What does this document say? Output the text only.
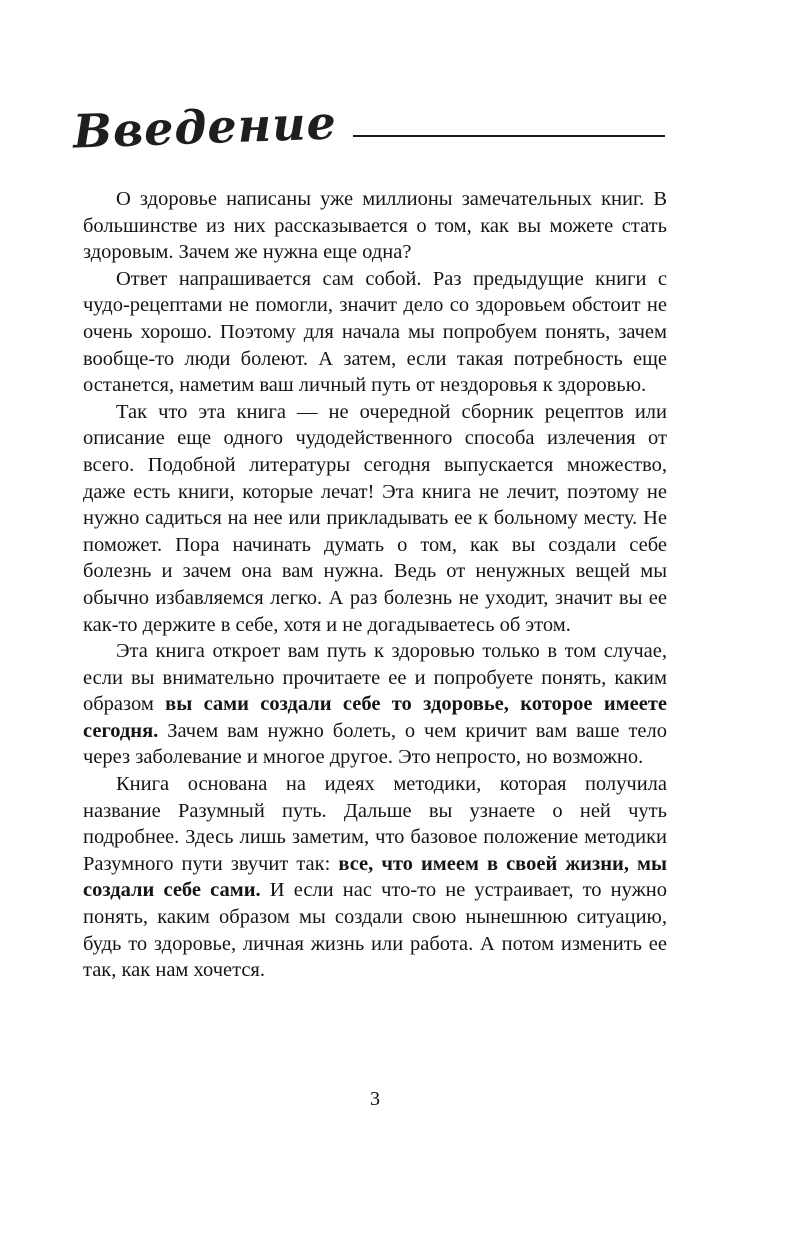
Введение

О здоровье написаны уже миллионы замечательных книг. В большинстве из них рассказывается о том, как вы можете стать здоровым. Зачем же нужна еще одна?

Ответ напрашивается сам собой. Раз предыдущие книги с чудо-рецептами не помогли, значит дело со здоровьем обстоит не очень хорошо. Поэтому для начала мы попробуем понять, зачем вообще-то люди болеют. А затем, если такая потребность еще останется, наметим ваш личный путь от нездоровья к здоровью.

Так что эта книга — не очередной сборник рецептов или описание еще одного чудодейственного способа излечения от всего. Подобной литературы сегодня выпускается множество, даже есть книги, которые лечат! Эта книга не лечит, поэтому не нужно садиться на нее или прикладывать ее к больному месту. Не поможет. Пора начинать думать о том, как вы создали себе болезнь и зачем она вам нужна. Ведь от ненужных вещей мы обычно избавляемся легко. А раз болезнь не уходит, значит вы ее как-то держите в себе, хотя и не догадываетесь об этом.

Эта книга откроет вам путь к здоровью только в том случае, если вы внимательно прочитаете ее и попробуете понять, каким образом вы сами создали себе то здоровье, которое имеете сегодня. Зачем вам нужно болеть, о чем кричит вам ваше тело через заболевание и многое другое. Это непросто, но возможно.

Книга основана на идеях методики, которая получила название Разумный путь. Дальше вы узнаете о ней чуть подробнее. Здесь лишь заметим, что базовое положение методики Разумного пути звучит так: все, что имеем в своей жизни, мы создали себе сами. И если нас что-то не устраивает, то нужно понять, каким образом мы создали свою нынешнюю ситуацию, будь то здоровье, личная жизнь или работа. А потом изменить ее так, как нам хочется.

3
